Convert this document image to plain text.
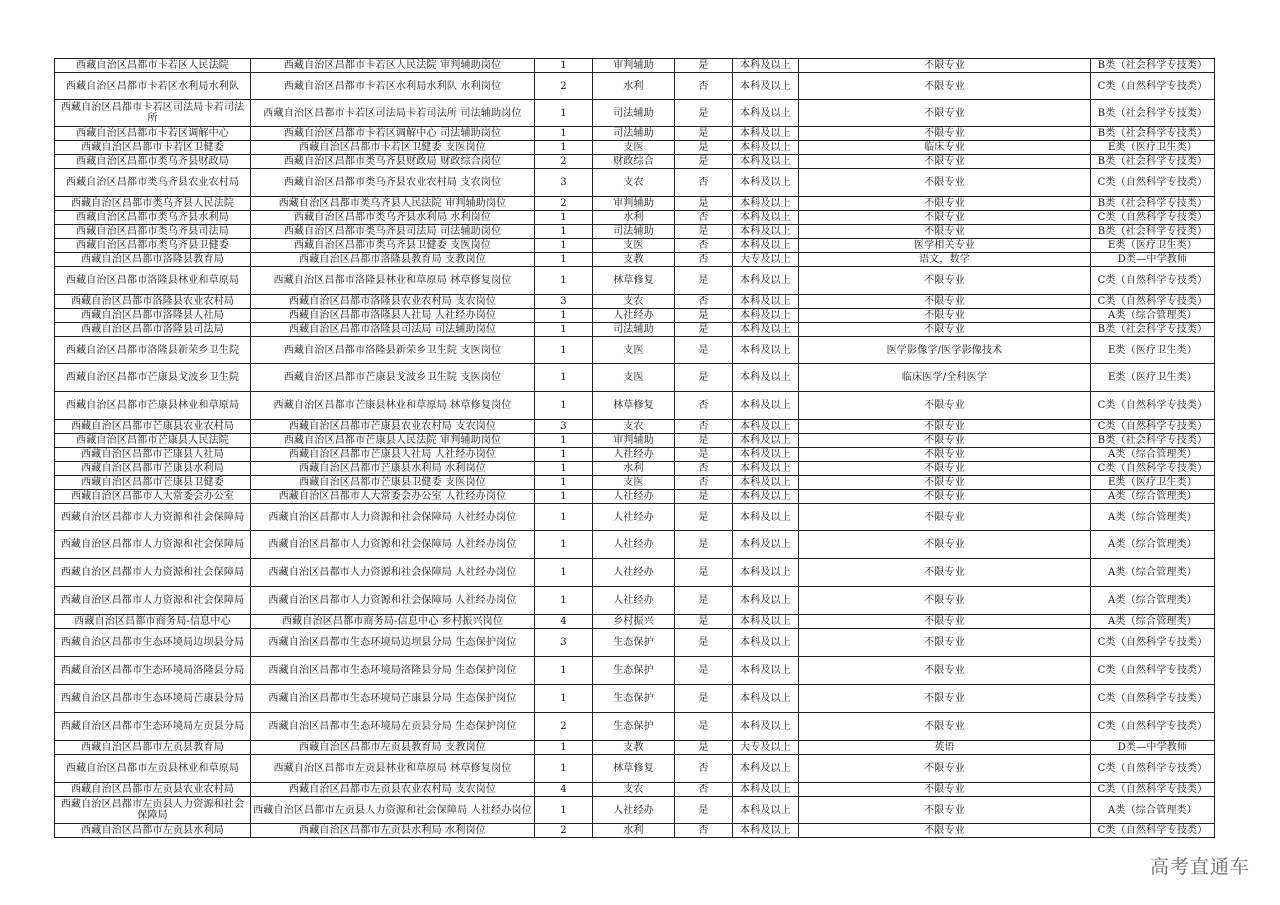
西藏自治区昌都市卡若区人民法院	西藏自治区昌都市卡若区人民法院 审判辅助岗位	1	审判辅助	是	本科及以上	不限专业	B类（社会科学专技类）
西藏自治区昌都市卡若区水利局水利队	西藏自治区昌都市卡若区水利局水利队 水利岗位	2	水利	否	本科及以上	不限专业	C类（自然科学专技类）
西藏自治区昌都市卡若区司法局卡若司法所	西藏自治区昌都市卡若区司法局卡若司法所 司法辅助岗位	1	司法辅助	是	本科及以上	不限专业	B类（社会科学专技类）
西藏自治区昌都市卡若区调解中心	西藏自治区昌都市卡若区调解中心 司法辅助岗位	1	司法辅助	是	本科及以上	不限专业	B类（社会科学专技类）
西藏自治区昌都市卡若区卫健委	西藏自治区昌都市卡若区卫健委 支医岗位	1	支医	是	本科及以上	临床专业	E类（医疗卫生类）
西藏自治区昌都市类乌齐县财政局	西藏自治区昌都市类乌齐县财政局 财政综合岗位	2	财政综合	是	本科及以上	不限专业	B类（社会科学专技类）
西藏自治区昌都市类乌齐县农业农村局	西藏自治区昌都市类乌齐县农业农村局 支农岗位	3	支农	否	本科及以上	不限专业	C类（自然科学专技类）
西藏自治区昌都市类乌齐县人民法院	西藏自治区昌都市类乌齐县人民法院 审判辅助岗位	2	审判辅助	是	本科及以上	不限专业	B类（社会科学专技类）
西藏自治区昌都市类乌齐县水利局	西藏自治区昌都市类乌齐县水利局 水利岗位	1	水利	否	本科及以上	不限专业	C类（自然科学专技类）
西藏自治区昌都市类乌齐县司法局	西藏自治区昌都市类乌齐县司法局 司法辅助岗位	1	司法辅助	是	本科及以上	不限专业	B类（社会科学专技类）
西藏自治区昌都市类乌齐县卫健委	西藏自治区昌都市类乌齐县卫健委 支医岗位	1	支医	否	本科及以上	医学相关专业	E类（医疗卫生类）
西藏自治区昌都市洛隆县教育局	西藏自治区昌都市洛隆县教育局 支教岗位	1	支教	否	大专及以上	语文，数学	D类—中学教师
西藏自治区昌都市洛隆县林业和草原局	西藏自治区昌都市洛隆县林业和草原局 林草修复岗位	1	林草修复	是	本科及以上	不限专业	C类（自然科学专技类）
西藏自治区昌都市洛隆县农业农村局	西藏自治区昌都市洛隆县农业农村局 支农岗位	3	支农	否	本科及以上	不限专业	C类（自然科学专技类）
西藏自治区昌都市洛隆县人社局	西藏自治区昌都市洛隆县人社局 人社经办岗位	1	人社经办	是	本科及以上	不限专业	A类（综合管理类）
西藏自治区昌都市洛隆县司法局	西藏自治区昌都市洛隆县司法局 司法辅助岗位	1	司法辅助	是	本科及以上	不限专业	B类（社会科学专技类）
西藏自治区昌都市洛隆县新荣乡卫生院	西藏自治区昌都市洛隆县新荣乡卫生院 支医岗位	1	支医	是	本科及以上	医学影像学/医学影像技术	E类（医疗卫生类）
西藏自治区昌都市芒康县戈波乡卫生院	西藏自治区昌都市芒康县戈波乡卫生院 支医岗位	1	支医	是	本科及以上	临床医学/全科医学	E类（医疗卫生类）
西藏自治区昌都市芒康县林业和草原局	西藏自治区昌都市芒康县林业和草原局 林草修复岗位	1	林草修复	否	本科及以上	不限专业	C类（自然科学专技类）
西藏自治区昌都市芒康县农业农村局	西藏自治区昌都市芒康县农业农村局 支农岗位	3	支农	否	本科及以上	不限专业	C类（自然科学专技类）
西藏自治区昌都市芒康县人民法院	西藏自治区昌都市芒康县人民法院 审判辅助岗位	1	审判辅助	是	本科及以上	不限专业	B类（社会科学专技类）
西藏自治区昌都市芒康县人社局	西藏自治区昌都市芒康县人社局 人社经办岗位	1	人社经办	是	本科及以上	不限专业	A类（综合管理类）
西藏自治区昌都市芒康县水利局	西藏自治区昌都市芒康县水利局 水利岗位	1	水利	否	本科及以上	不限专业	C类（自然科学专技类）
西藏自治区昌都市芒康县卫健委	西藏自治区昌都市芒康县卫健委 支医岗位	1	支医	否	本科及以上	不限专业	E类（医疗卫生类）
西藏自治区昌都市人大常委会办公室	西藏自治区昌都市人大常委会办公室 人社经办岗位	1	人社经办	是	本科及以上	不限专业	A类（综合管理类）
西藏自治区昌都市人力资源和社会保障局	西藏自治区昌都市人力资源和社会保障局 人社经办岗位	1	人社经办	是	本科及以上	不限专业	A类（综合管理类）
西藏自治区昌都市人力资源和社会保障局	西藏自治区昌都市人力资源和社会保障局 人社经办岗位	1	人社经办	是	本科及以上	不限专业	A类（综合管理类）
西藏自治区昌都市人力资源和社会保障局	西藏自治区昌都市人力资源和社会保障局 人社经办岗位	1	人社经办	是	本科及以上	不限专业	A类（综合管理类）
西藏自治区昌都市人力资源和社会保障局	西藏自治区昌都市人力资源和社会保障局 人社经办岗位	1	人社经办	是	本科及以上	不限专业	A类（综合管理类）
西藏自治区昌都市商务局-信息中心	西藏自治区昌都市商务局-信息中心 乡村振兴岗位	4	乡村振兴	是	本科及以上	不限专业	A类（综合管理类）
西藏自治区昌都市生态环境局边坝县分局	西藏自治区昌都市生态环境局边坝县分局 生态保护岗位	3	生态保护	是	本科及以上	不限专业	C类（自然科学专技类）
西藏自治区昌都市生态环境局洛隆县分局	西藏自治区昌都市生态环境局洛隆县分局 生态保护岗位	1	生态保护	是	本科及以上	不限专业	C类（自然科学专技类）
西藏自治区昌都市生态环境局芒康县分局	西藏自治区昌都市生态环境局芒康县分局 生态保护岗位	1	生态保护	是	本科及以上	不限专业	C类（自然科学专技类）
西藏自治区昌都市生态环境局左贡县分局	西藏自治区昌都市生态环境局左贡县分局 生态保护岗位	2	生态保护	是	本科及以上	不限专业	C类（自然科学专技类）
西藏自治区昌都市左贡县教育局	西藏自治区昌都市左贡县教育局 支教岗位	1	支教	是	大专及以上	英语	D类—中学教师
西藏自治区昌都市左贡县林业和草原局	西藏自治区昌都市左贡县林业和草原局 林草修复岗位	1	林草修复	否	本科及以上	不限专业	C类（自然科学专技类）
西藏自治区昌都市左贡县农业农村局	西藏自治区昌都市左贡县农业农村局 支农岗位	4	支农	否	本科及以上	不限专业	C类（自然科学专技类）
西藏自治区昌都市左贡县人力资源和社会保障局	西藏自治区昌都市左贡县人力资源和社会保障局 人社经办岗位	1	人社经办	是	本科及以上	不限专业	A类（综合管理类）
西藏自治区昌都市左贡县水利局	西藏自治区昌都市左贡县水利局 水利岗位	2	水利	否	本科及以上	不限专业	C类（自然科学专技类）
高考直通车
